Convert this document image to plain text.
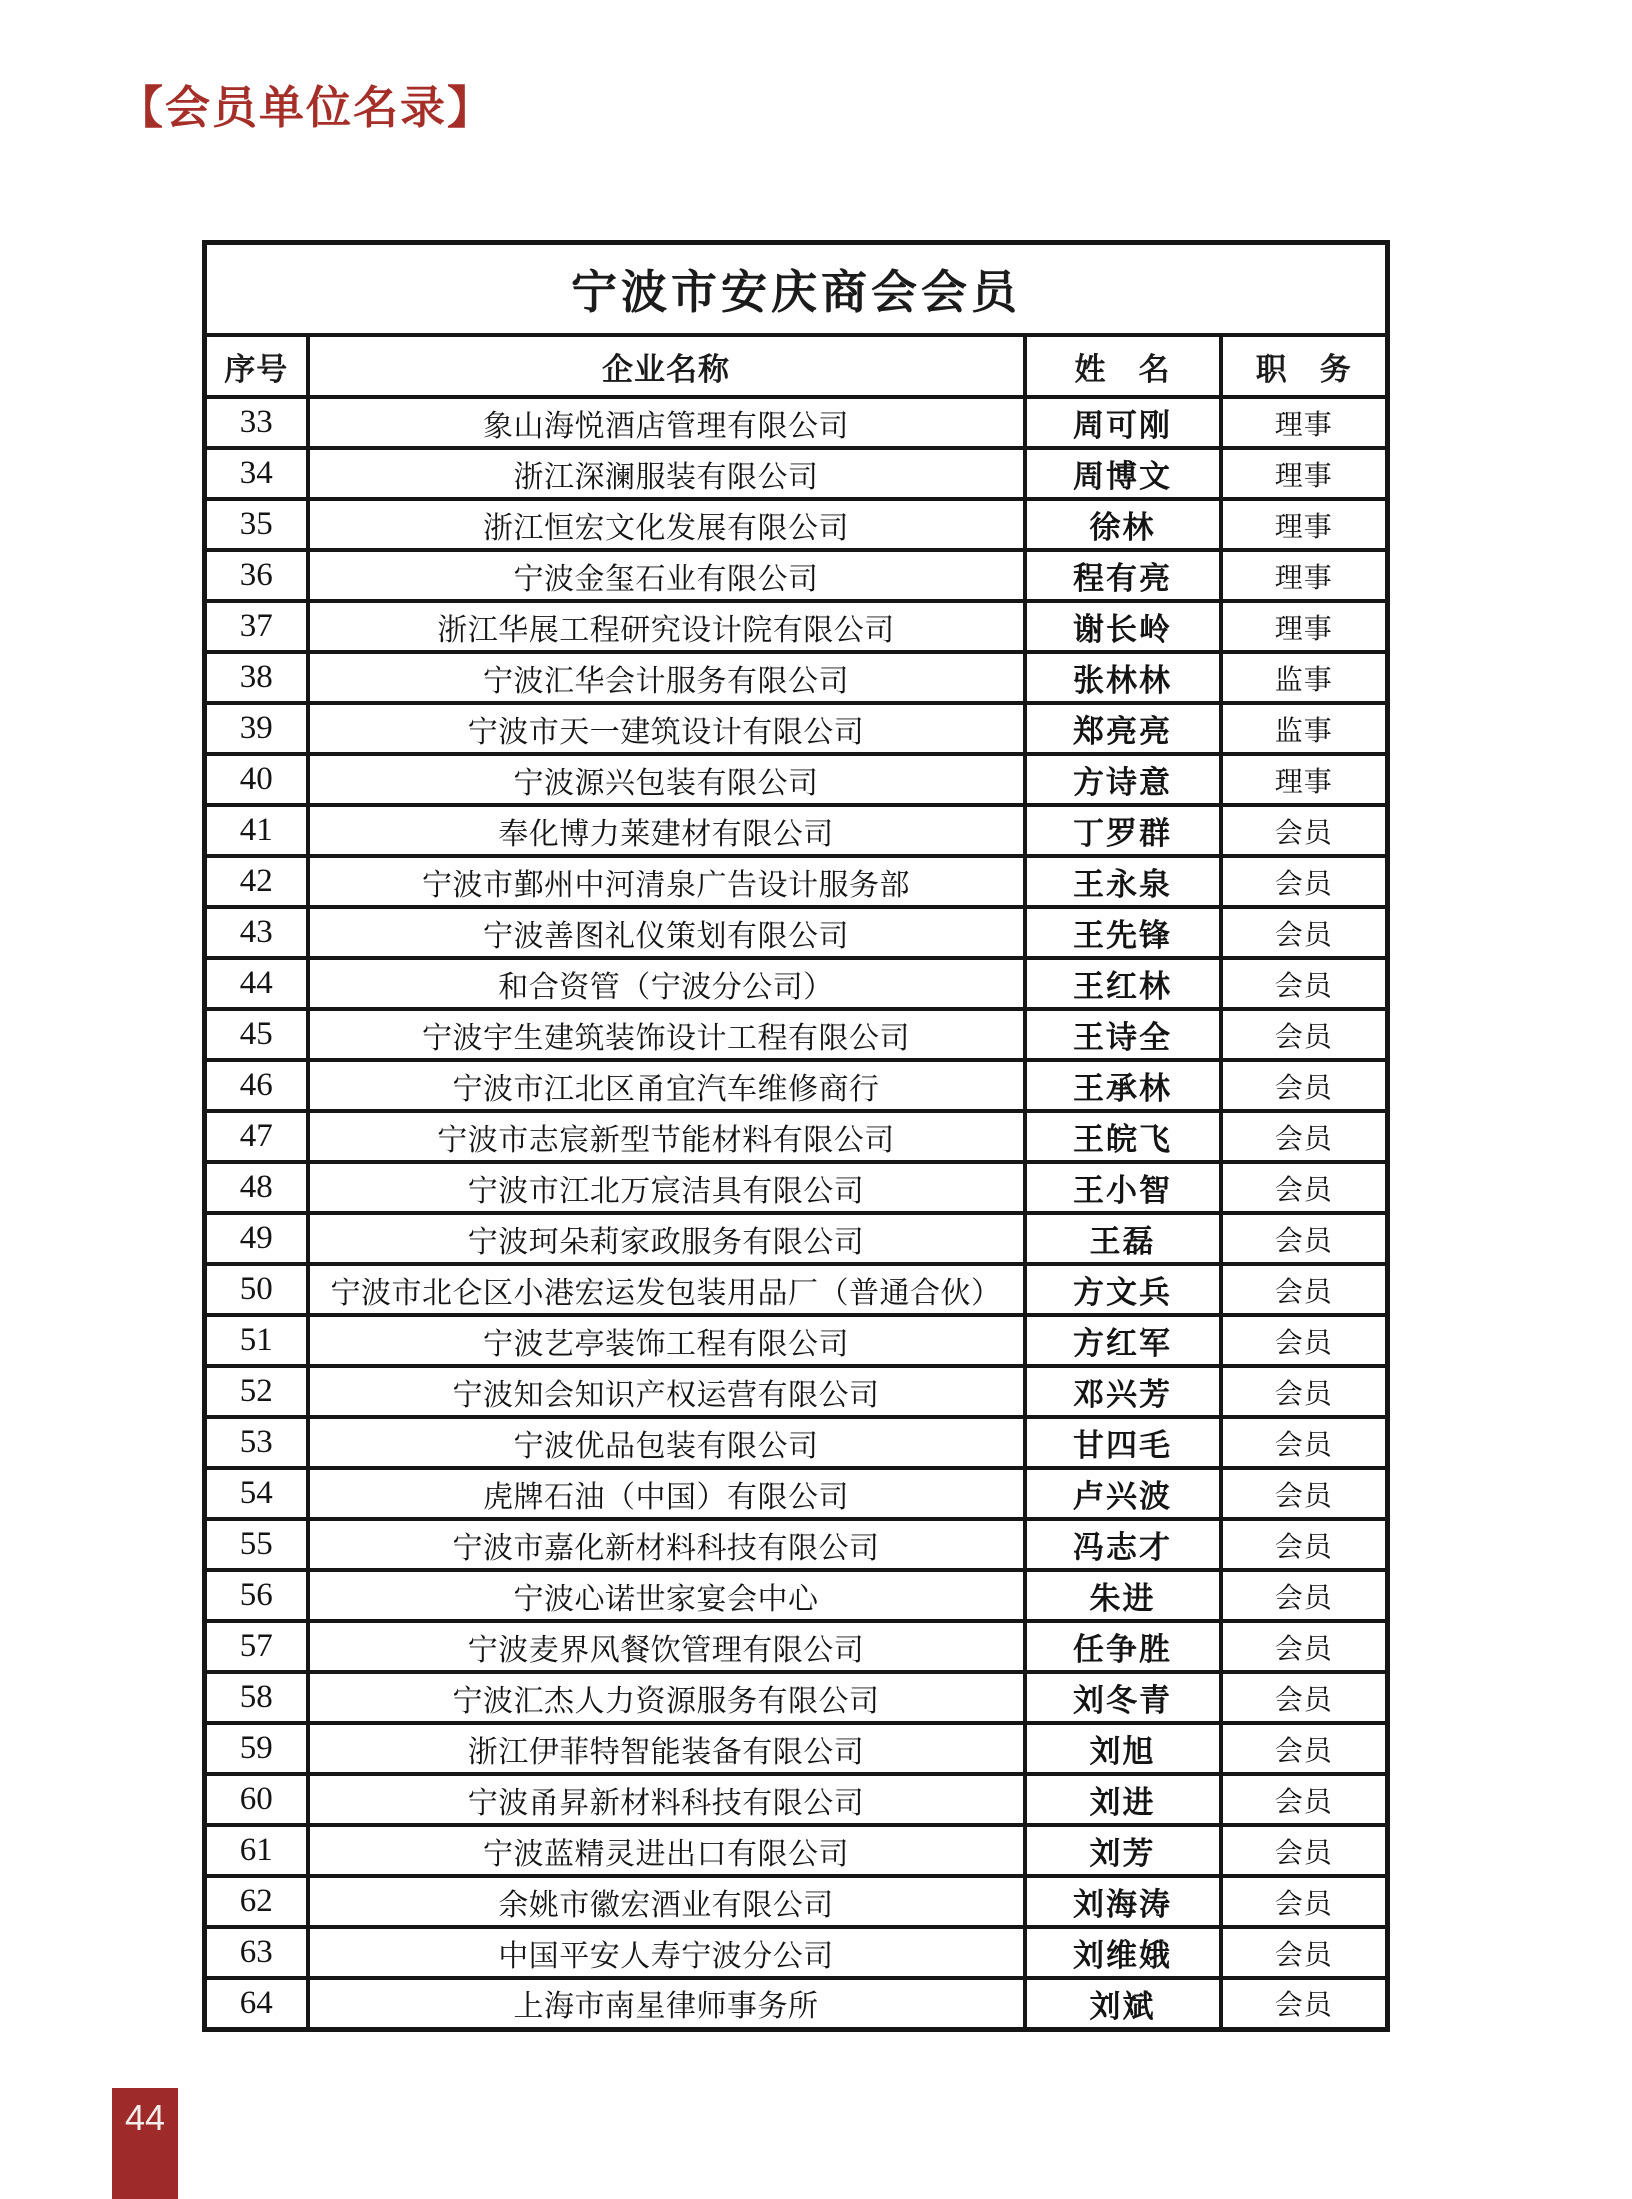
【会员单位名录】
宁波市安庆商会会员			
序号	企业名称	姓　名	职　务
33	象山海悦酒店管理有限公司	周可刚	理事
34	浙江深澜服装有限公司	周博文	理事
35	浙江恒宏文化发展有限公司	徐林	理事
36	宁波金玺石业有限公司	程有亮	理事
37	浙江华展工程研究设计院有限公司	谢长岭	理事
38	宁波汇华会计服务有限公司	张林林	监事
39	宁波市天一建筑设计有限公司	郑亮亮	监事
40	宁波源兴包装有限公司	方诗意	理事
41	奉化博力莱建材有限公司	丁罗群	会员
42	宁波市鄞州中河清泉广告设计服务部	王永泉	会员
43	宁波善图礼仪策划有限公司	王先锋	会员
44	和合资管（宁波分公司）	王红林	会员
45	宁波宇生建筑装饰设计工程有限公司	王诗全	会员
46	宁波市江北区甬宜汽车维修商行	王承林	会员
47	宁波市志宸新型节能材料有限公司	王皖飞	会员
48	宁波市江北万宸洁具有限公司	王小智	会员
49	宁波珂朵莉家政服务有限公司	王磊	会员
50	宁波市北仑区小港宏运发包装用品厂（普通合伙）	方文兵	会员
51	宁波艺亭装饰工程有限公司	方红军	会员
52	宁波知会知识产权运营有限公司	邓兴芳	会员
53	宁波优品包装有限公司	甘四毛	会员
54	虎牌石油（中国）有限公司	卢兴波	会员
55	宁波市嘉化新材料科技有限公司	冯志才	会员
56	宁波心诺世家宴会中心	朱进	会员
57	宁波麦界风餐饮管理有限公司	任争胜	会员
58	宁波汇杰人力资源服务有限公司	刘冬青	会员
59	浙江伊菲特智能装备有限公司	刘旭	会员
60	宁波甬昇新材料科技有限公司	刘进	会员
61	宁波蓝精灵进出口有限公司	刘芳	会员
62	余姚市徽宏酒业有限公司	刘海涛	会员
63	中国平安人寿宁波分公司	刘维娥	会员
64	上海市南星律师事务所	刘斌	会员
44
